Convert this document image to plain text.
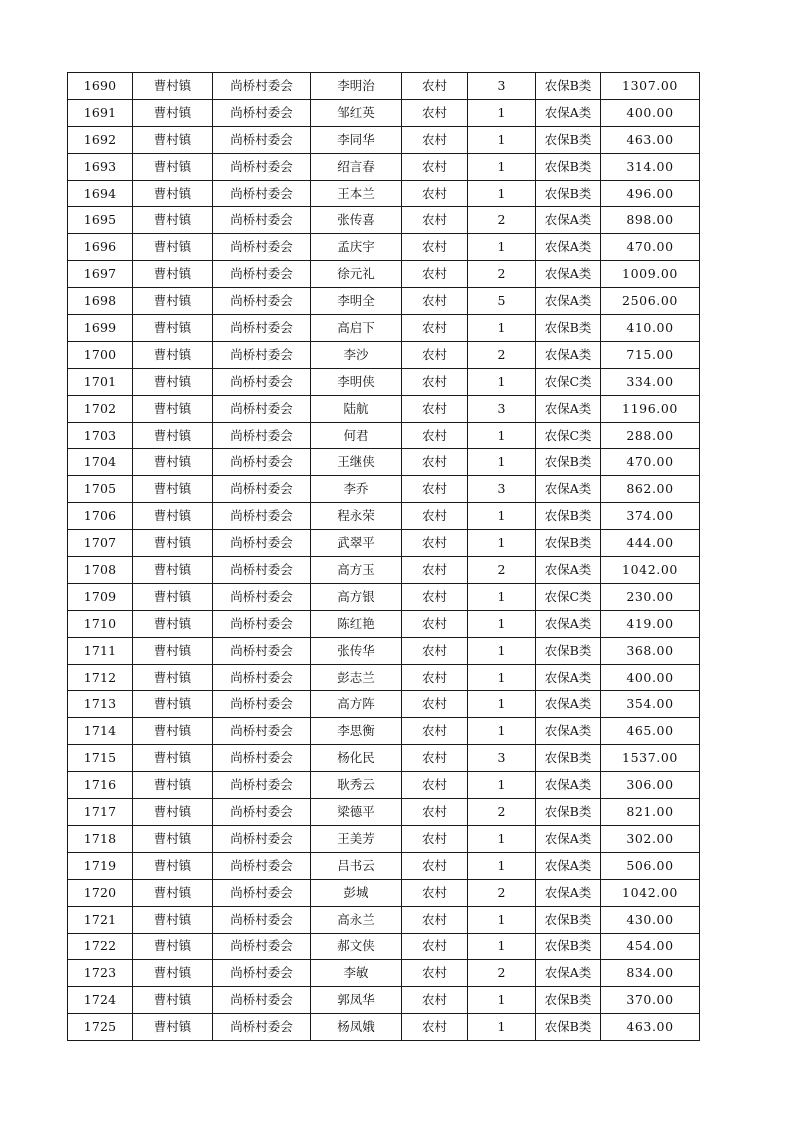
1690	曹村镇	尚桥村委会	李明治	农村	3	农保B类	1307.00
1691	曹村镇	尚桥村委会	邹红英	农村	1	农保A类	400.00
1692	曹村镇	尚桥村委会	李同华	农村	1	农保B类	463.00
1693	曹村镇	尚桥村委会	绍言春	农村	1	农保B类	314.00
1694	曹村镇	尚桥村委会	王本兰	农村	1	农保B类	496.00
1695	曹村镇	尚桥村委会	张传喜	农村	2	农保A类	898.00
1696	曹村镇	尚桥村委会	孟庆宇	农村	1	农保A类	470.00
1697	曹村镇	尚桥村委会	徐元礼	农村	2	农保A类	1009.00
1698	曹村镇	尚桥村委会	李明全	农村	5	农保A类	2506.00
1699	曹村镇	尚桥村委会	高启下	农村	1	农保B类	410.00
1700	曹村镇	尚桥村委会	李沙	农村	2	农保A类	715.00
1701	曹村镇	尚桥村委会	李明侠	农村	1	农保C类	334.00
1702	曹村镇	尚桥村委会	陆航	农村	3	农保A类	1196.00
1703	曹村镇	尚桥村委会	何君	农村	1	农保C类	288.00
1704	曹村镇	尚桥村委会	王继侠	农村	1	农保B类	470.00
1705	曹村镇	尚桥村委会	李乔	农村	3	农保A类	862.00
1706	曹村镇	尚桥村委会	程永荣	农村	1	农保B类	374.00
1707	曹村镇	尚桥村委会	武翠平	农村	1	农保B类	444.00
1708	曹村镇	尚桥村委会	高方玉	农村	2	农保A类	1042.00
1709	曹村镇	尚桥村委会	高方银	农村	1	农保C类	230.00
1710	曹村镇	尚桥村委会	陈红艳	农村	1	农保A类	419.00
1711	曹村镇	尚桥村委会	张传华	农村	1	农保B类	368.00
1712	曹村镇	尚桥村委会	彭志兰	农村	1	农保A类	400.00
1713	曹村镇	尚桥村委会	高方阵	农村	1	农保A类	354.00
1714	曹村镇	尚桥村委会	李思衡	农村	1	农保A类	465.00
1715	曹村镇	尚桥村委会	杨化民	农村	3	农保B类	1537.00
1716	曹村镇	尚桥村委会	耿秀云	农村	1	农保A类	306.00
1717	曹村镇	尚桥村委会	梁德平	农村	2	农保B类	821.00
1718	曹村镇	尚桥村委会	王美芳	农村	1	农保A类	302.00
1719	曹村镇	尚桥村委会	吕书云	农村	1	农保A类	506.00
1720	曹村镇	尚桥村委会	彭城	农村	2	农保A类	1042.00
1721	曹村镇	尚桥村委会	高永兰	农村	1	农保B类	430.00
1722	曹村镇	尚桥村委会	郝文侠	农村	1	农保B类	454.00
1723	曹村镇	尚桥村委会	李敏	农村	2	农保A类	834.00
1724	曹村镇	尚桥村委会	郭凤华	农村	1	农保B类	370.00
1725	曹村镇	尚桥村委会	杨凤娥	农村	1	农保B类	463.00
